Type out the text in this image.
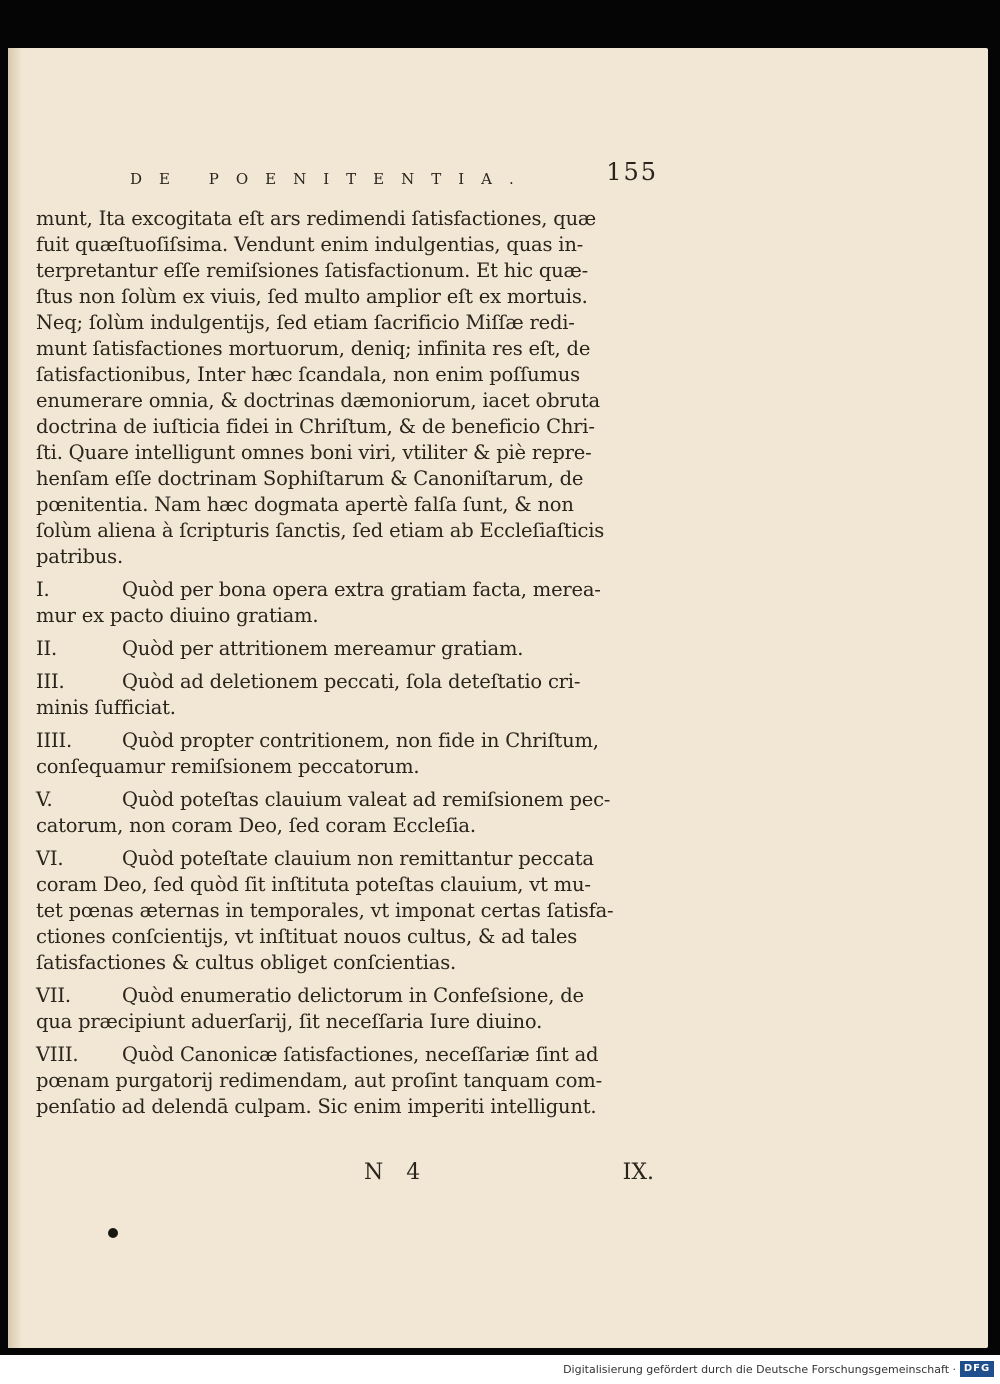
DE POENITENTIA.	155
munt, Ita excogitata eſt ars redimendi ſatisfactiones, quæ
fuit quæſtuoſiſsima. Vendunt enim indulgentias, quas in-
terpretantur eſſe remiſsiones ſatisfactionum. Et hic quæ-
ſtus non ſolùm ex viuis, ſed multo amplior eſt ex mortuis.
Neq; ſolùm indulgentijs, ſed etiam ſacrificio Miſſæ redi-
munt ſatisfactiones mortuorum, deniq; infinita res eſt, de
ſatisfactionibus, Inter hæc ſcandala, non enim poſſumus
enumerare omnia, & doctrinas dæmoniorum, iacet obruta
doctrina de iuſticia fidei in Chriſtum, & de beneficio Chri-
ſti. Quare intelligunt omnes boni viri, vtiliter & piè repre-
henſam eſſe doctrinam Sophiſtarum & Canoniſtarum, de
pœnitentia. Nam hæc dogmata apertè falſa ſunt, & non
ſolùm aliena à ſcripturis ſanctis, ſed etiam ab Eccleſiaſticis
patribus.
I.	Quòd per bona opera extra gratiam facta, merea-
mur ex pacto diuino gratiam.
II.	Quòd per attritionem mereamur gratiam.
III.	Quòd ad deletionem peccati, ſola deteſtatio cri-
minis ſufficiat.
IIII.	Quòd propter contritionem, non fide in Chriſtum,
conſequamur remiſsionem peccatorum.
V.	Quòd poteſtas clauium valeat ad remiſsionem pec-
catorum, non coram Deo, ſed coram Eccleſia.
VI.	Quòd poteſtate clauium non remittantur peccata
coram Deo, ſed quòd ſit inſtituta poteſtas clauium, vt mu-
tet pœnas æternas in temporales, vt imponat certas ſatisfa-
ctiones conſcientijs, vt inſtituat nouos cultus, & ad tales
ſatisfactiones & cultus obliget conſcientias.
VII.	Quòd enumeratio delictorum in Confeſsione, de
qua præcipiunt aduerſarij, ſit neceſſaria Iure diuino.
VIII.	Quòd Canonicæ ſatisfactiones, neceſſariæ ſint ad
pœnam purgatorij redimendam, aut proſint tanquam com-
penſatio ad delendā culpam. Sic enim imperiti intelligunt.
N 4	IX.
Digitalisierung gefördert durch die Deutsche Forschungsgemeinschaft · DFG
